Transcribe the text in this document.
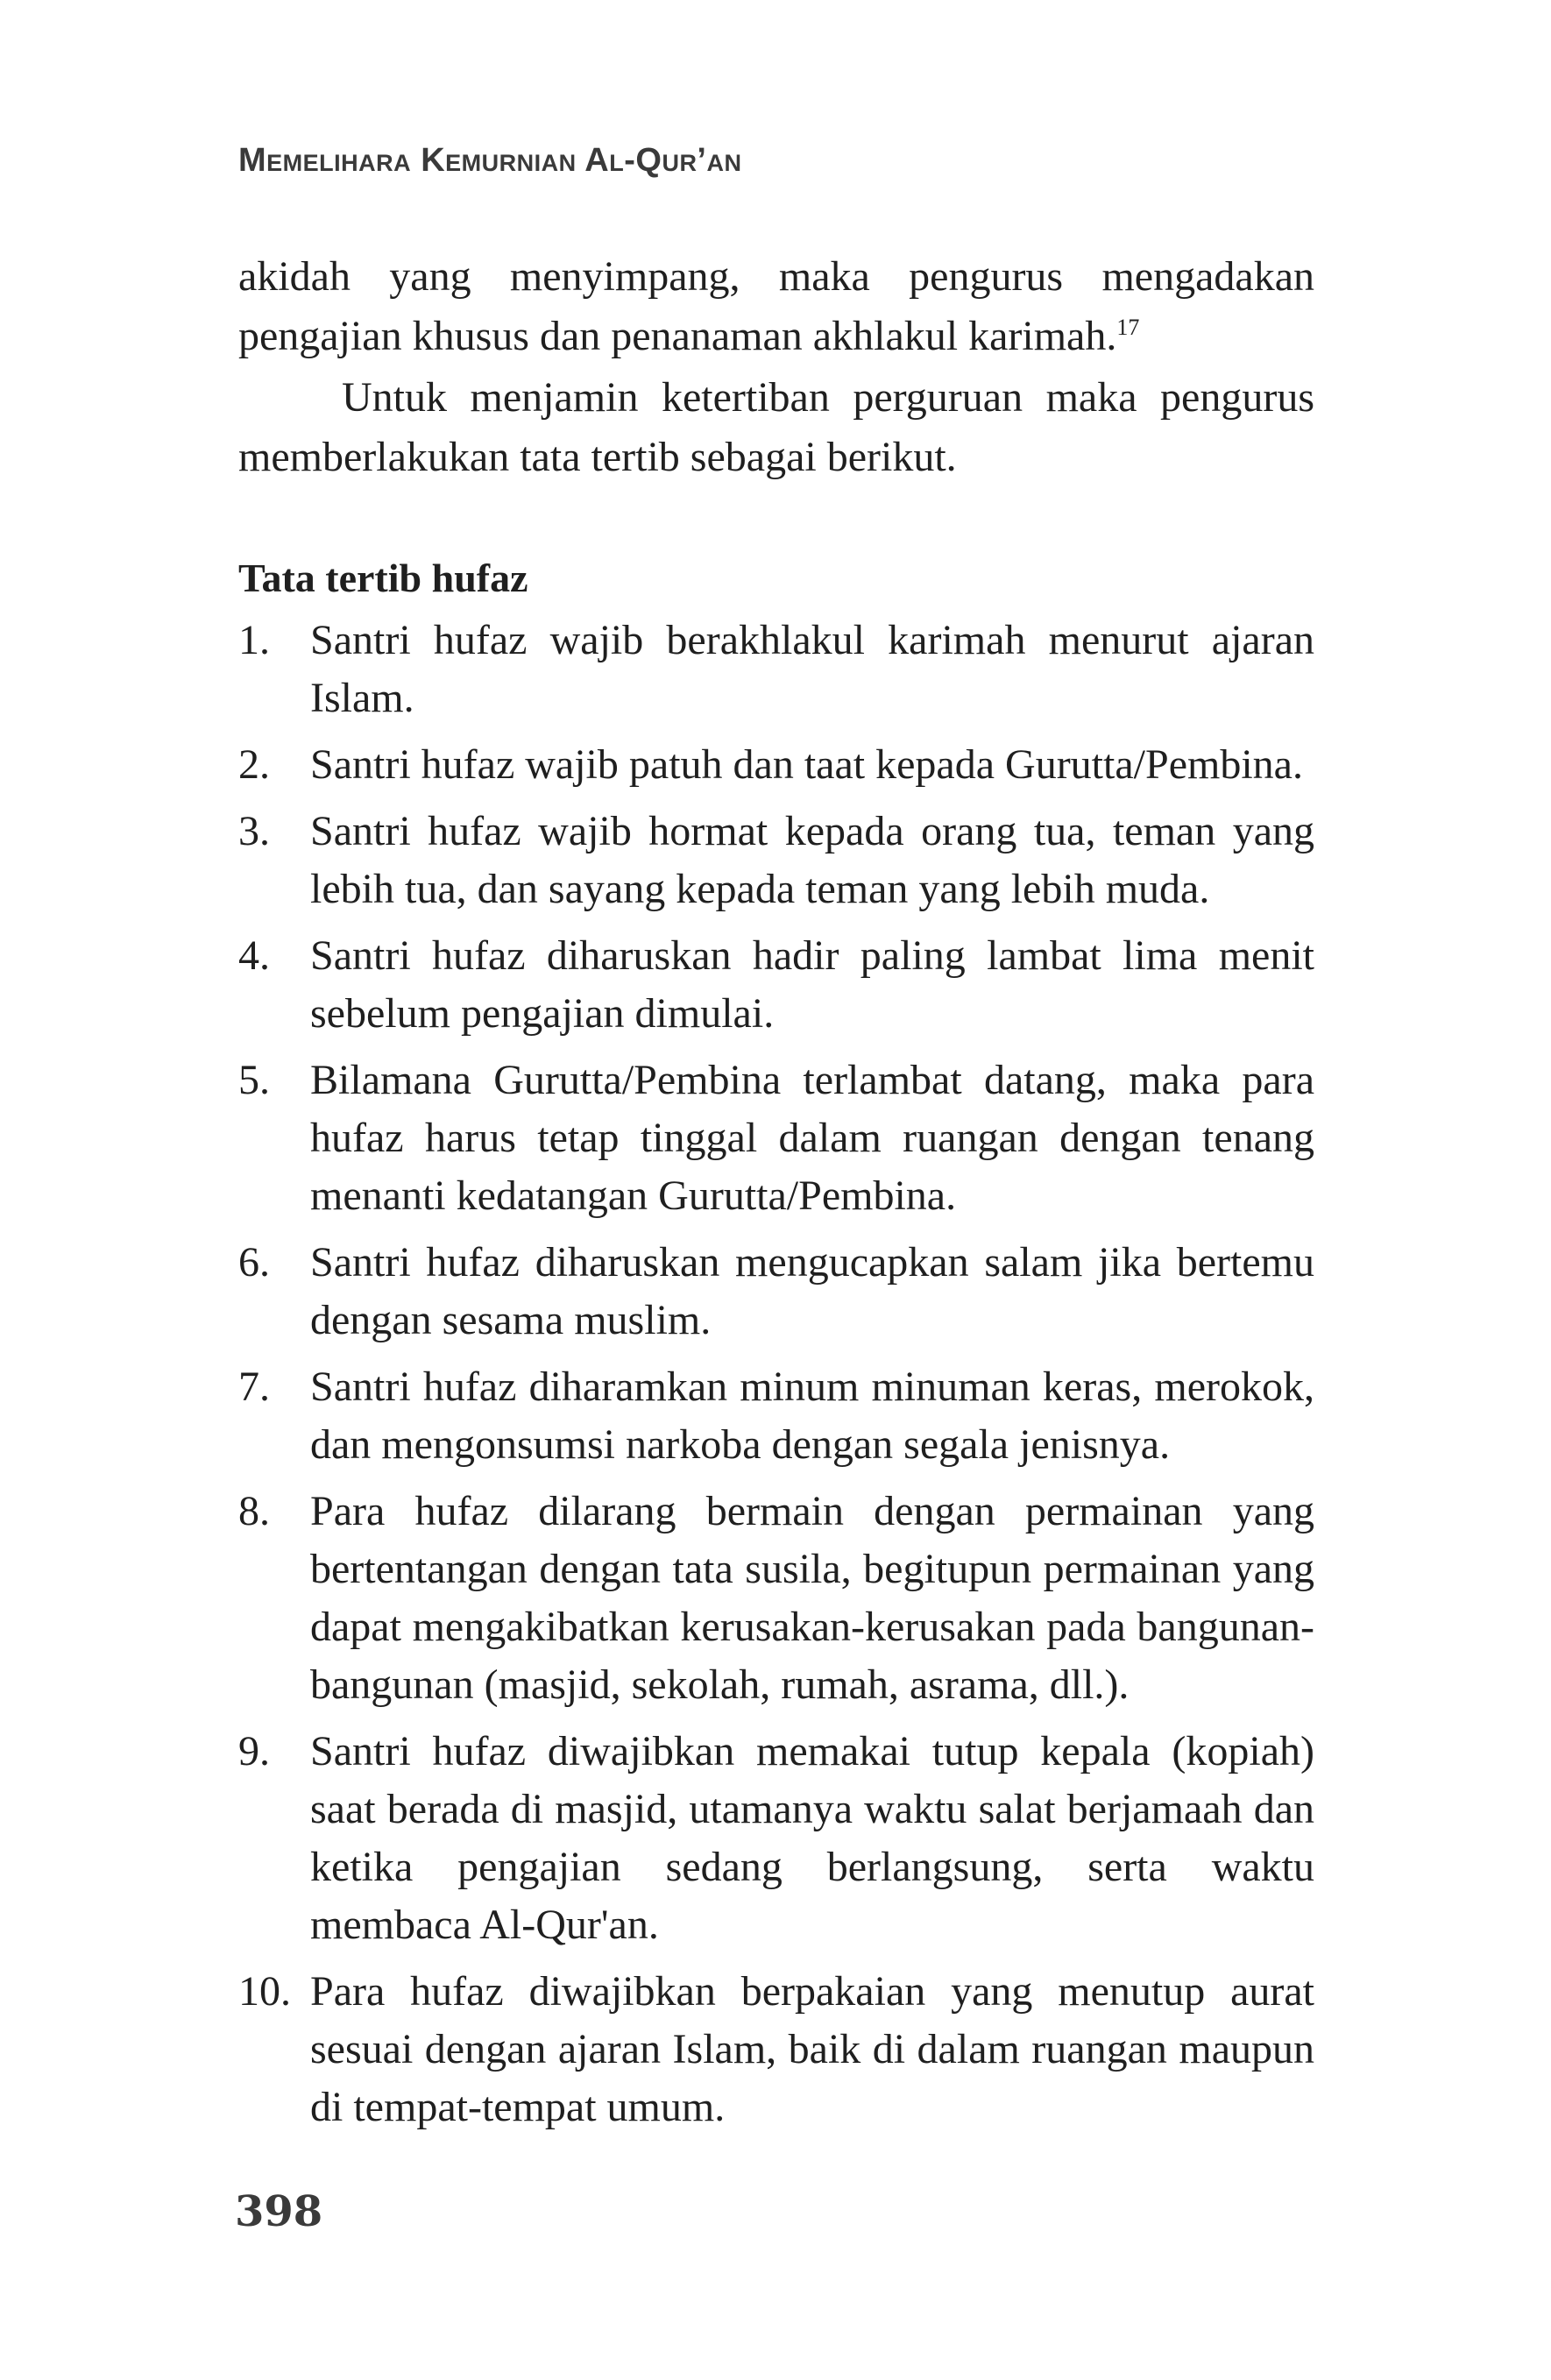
Memelihara Kemurnian Al-Qur’an

akidah yang menyimpang, maka pengurus mengadakan pengajian khusus dan penanaman akhlakul karimah.$^{17}$

Untuk menjamin ketertiban perguruan maka pengurus memberlakukan tata tertib sebagai berikut.

Tata tertib hufaz
1. Santri hufaz wajib berakhlakul karimah menurut ajaran Islam.
2. Santri hufaz wajib patuh dan taat kepada Gurutta/Pembina.
3. Santri hufaz wajib hormat kepada orang tua, teman yang lebih tua, dan sayang kepada teman yang lebih muda.
4. Santri hufaz diharuskan hadir paling lambat lima menit sebelum pengajian dimulai.
5. Bilamana Gurutta/Pembina terlambat datang, maka para hufaz harus tetap tinggal dalam ruangan dengan tenang menanti kedatangan Gurutta/Pembina.
6. Santri hufaz diharuskan mengucapkan salam jika bertemu dengan sesama muslim.
7. Santri hufaz diharamkan minum minuman keras, merokok, dan mengonsumsi narkoba dengan segala jenisnya.
8. Para hufaz dilarang bermain dengan permainan yang bertentangan dengan tata susila, begitupun permainan yang dapat mengakibatkan kerusakan-kerusakan pada bangunan-bangunan (masjid, sekolah, rumah, asrama, dll.).
9. Santri hufaz diwajibkan memakai tutup kepala (kopiah) saat berada di masjid, utamanya waktu salat berjamaah dan ketika pengajian sedang berlangsung, serta waktu membaca Al-Qur'an.
10. Para hufaz diwajibkan berpakaian yang menutup aurat sesuai dengan ajaran Islam, baik di dalam ruangan maupun di tempat-tempat umum.
398
